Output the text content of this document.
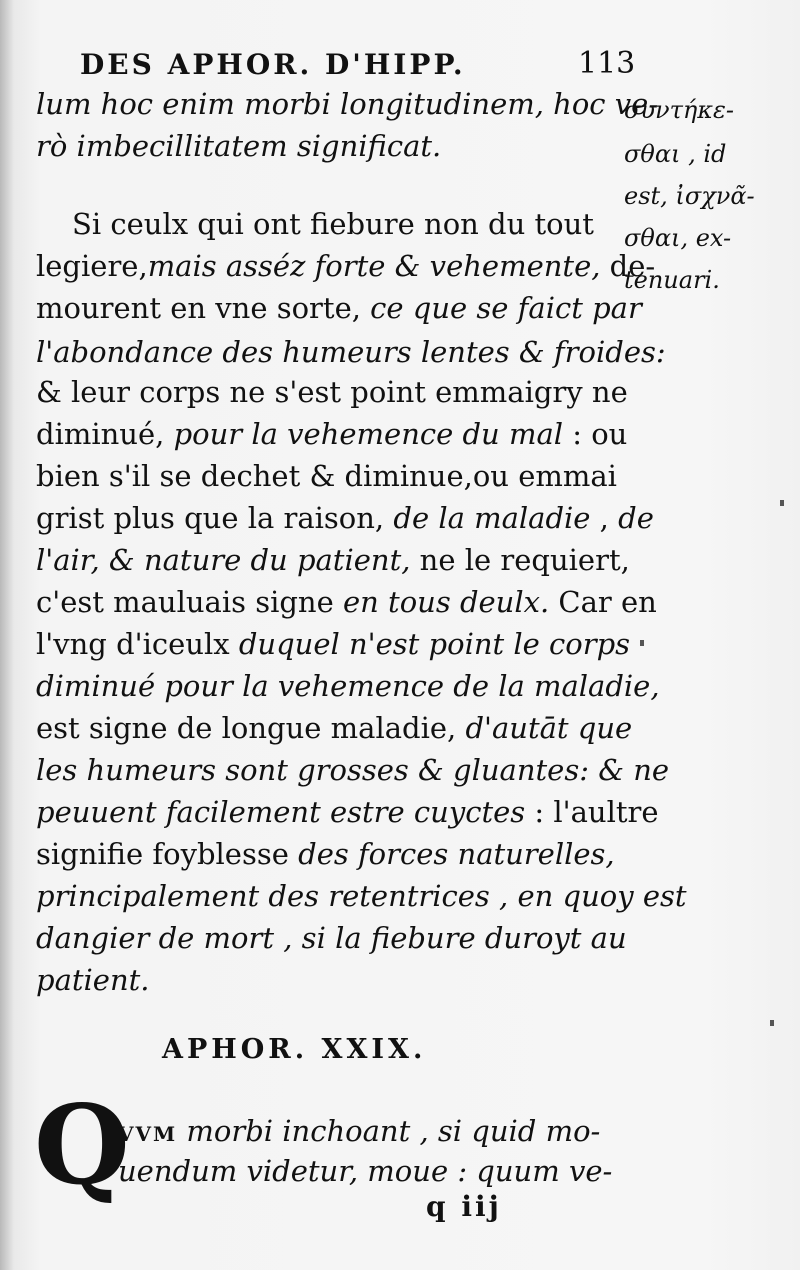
DES APHOR. D'HIPP.	113
lum hoc enim morbi longitudinem, hoc ve-
rò imbecillitatem significat.
Si ceulx qui ont fiebure non du tout
legiere,mais asséz forte & vehemente, de-
mourent en vne sorte, ce que se faict par
l'abondance des humeurs lentes & froides:
& leur corps ne s'est point emmaigry ne
diminué, pour la vehemence du mal : ou
bien s'il se dechet & diminue,ou emmai
grist plus que la raison, de la maladie , de
l'air, & nature du patient, ne le requiert,
c'est mauluais signe en tous deulx. Car en
l'vng d'iceulx duquel n'est point le corps
diminué pour la vehemence de la maladie,
est signe de longue maladie, d'autāt que
les humeurs sont grosses & gluantes: & ne
peuuent facilement estre cuyctes : l'aultre
signifie foyblesse des forces naturelles,
principalement des retentrices , en quoy est
dangier de mort , si la fiebure duroyt au
patient.
συντήκε-
σθαι , id
est, ἰσχνᾶ-
σθαι, ex-
tenuari.
APHOR. XXIX.
Q
VVM morbi inchoant , si quid mo-
uendum videtur, moue : quum ve-
q iij
